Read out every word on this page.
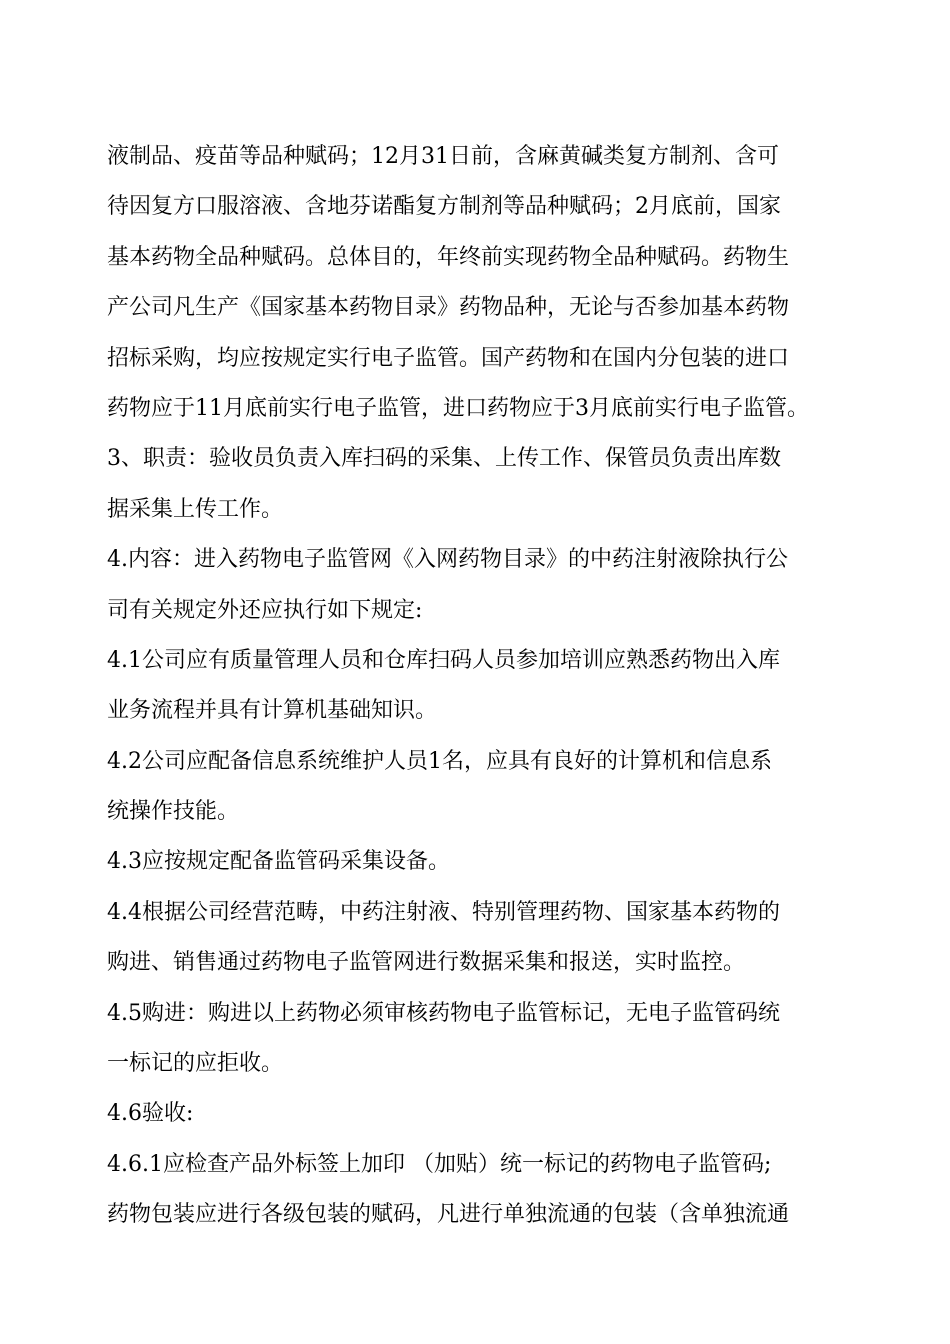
液制品、疫苗等品种赋码；12月31日前，含麻黄碱类复方制剂、含可
待因复方口服溶液、含地芬诺酯复方制剂等品种赋码；2月底前，国家
基本药物全品种赋码。总体目的，年终前实现药物全品种赋码。药物生
产公司凡生产《国家基本药物目录》药物品种，无论与否参加基本药物
招标采购，均应按规定实行电子监管。国产药物和在国内分包装的进口
药物应于11月底前实行电子监管，进口药物应于3月底前实行电子监管。
3、职责：验收员负责入库扫码的采集、上传工作、保管员负责出库数
据采集上传工作。
4.内容：进入药物电子监管网《入网药物目录》的中药注射液除执行公
司有关规定外还应执行如下规定:
4.1公司应有质量管理人员和仓库扫码人员参加培训应熟悉药物出入库
业务流程并具有计算机基础知识。
4.2公司应配备信息系统维护人员1名，应具有良好的计算机和信息系
统操作技能。
4.3应按规定配备监管码采集设备。
4.4根据公司经营范畴，中药注射液、特别管理药物、国家基本药物的
购进、销售通过药物电子监管网进行数据采集和报送，实时监控。
4.5购进：购进以上药物必须审核药物电子监管标记，无电子监管码统
一标记的应拒收。
4.6验收:
4.6.1应检查产品外标签上加印 （加贴）统一标记的药物电子监管码;
药物包装应进行各级包装的赋码，凡进行单独流通的包装（含单独流通
